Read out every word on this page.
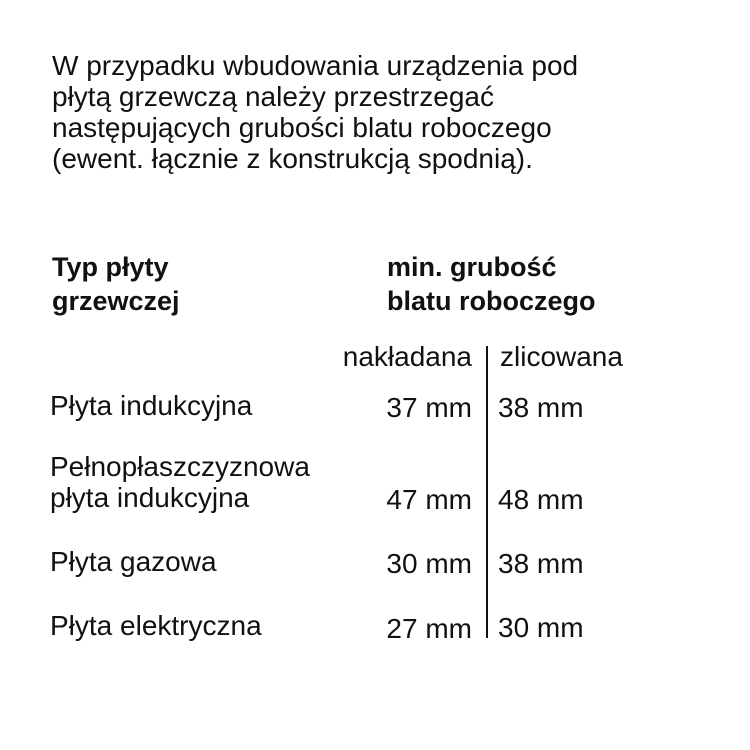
W przypadku wbudowania urządzenia pod
płytą grzewczą należy przestrzegać
następujących grubości blatu roboczego
(ewent. łącznie z konstrukcją spodnią).
Typ płyty
grzewczej
min. grubość
blatu roboczego
nakładana zlicowana
Płyta indukcyjna	37 mm 38 mm
Pełnopłaszczyznowa
płyta indukcyjna	47 mm 48 mm
Płyta gazowa	30 mm 38 mm
Płyta elektryczna	27 mm 30 mm
